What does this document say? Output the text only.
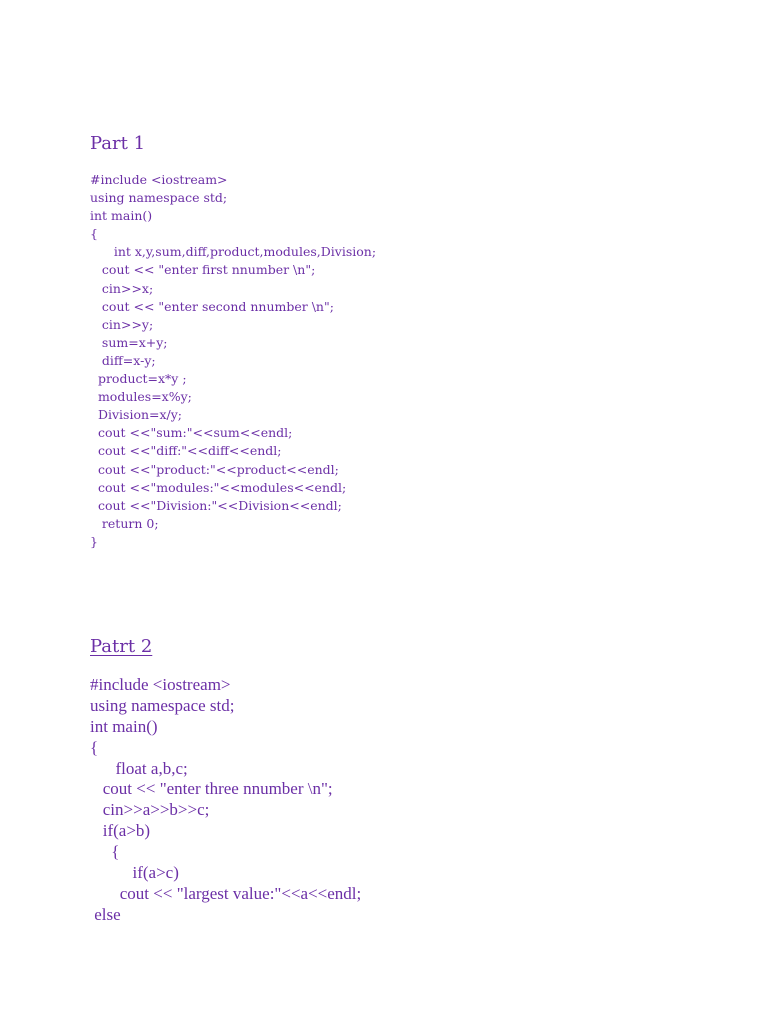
Part 1
#include <iostream>
using namespace std;
int main()
{
int x,y,sum,diff,product,modules,Division;
cout << "enter first nnumber \n";
cin>>x;
cout << "enter second nnumber \n";
cin>>y;
sum=x+y;
diff=x-y;
product=x*y ;
modules=x%y;
Division=x/y;
cout <<"sum:"<<sum<<endl;
cout <<"diff:"<<diff<<endl;
cout <<"product:"<<product<<endl;
cout <<"modules:"<<modules<<endl;
cout <<"Division:"<<Division<<endl;
return 0;
}
Patrt 2
#include <iostream>
using namespace std;
int main()
{
float a,b,c;
cout << "enter three nnumber \n";
cin>>a>>b>>c;
if(a>b)
{
if(a>c)
cout << "largest value:"<<a<<endl;
else
